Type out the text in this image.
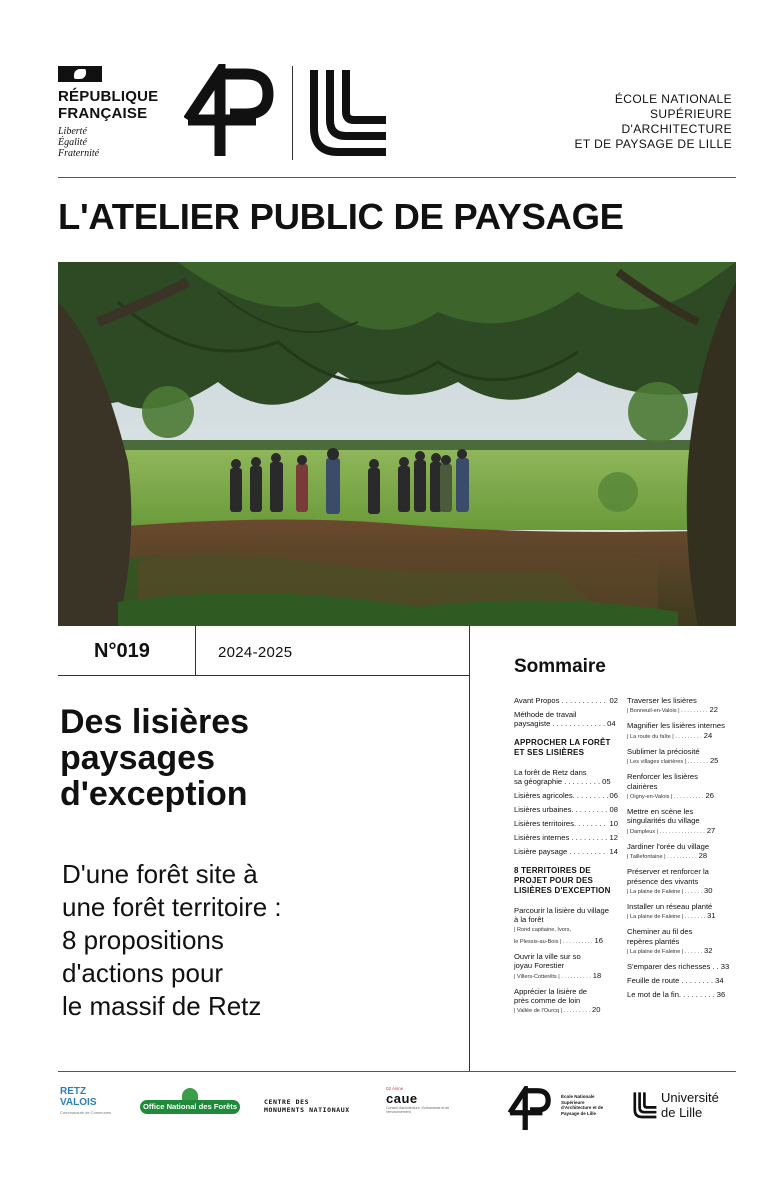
RÉPUBLIQUE
FRANÇAISE
Liberté
Égalité
Fraternité
ÉCOLE NATIONALE
SUPÉRIEURE
D'ARCHITECTURE
ET DE PAYSAGE DE LILLE
L'ATELIER PUBLIC DE PAYSAGE
N°019	2024-2025
Des lisières
paysages
d'exception
D'une forêt site à
une forêt territoire :
8 propositions
d'actions pour
le massif de Retz
Sommaire
02
Avant Propos . . . . . . . . . . .
Méthode de travail
paysagiste . . . . . . . . . . . . . 04
APPROCHER LA FORÊT
ET SES LISIÈRES
La forêt de Retz dans
sa géographie . . . . . . . . . 05
06
Lisières agricoles. . . . . . . . .
08
Lisières urbaines. . . . . . . . .
10
Lisières territoires. . . . . . . .
12
Lisières internes . . . . . . . . .
14
Lisière paysage . . . . . . . . .
8 TERRITOIRES DE
PROJET POUR DES
LISIÈRES D'EXCEPTION
Parcourir la lisière du village
à la forêt
| Rond capitaine, Ivors,
le Plessis-au-Bois | . . . . . . . . . . 16
Ouvrir la ville sur so
joyau Forestier
| Villers-Cotterêts | . . . . . . . . . . 18
Apprécier la lisière de
près comme de loin
| Vallée de l'Ourcq | . . . . . . . . . 20
Traverser les lisières
| Bonneuil-en-Valois | . . . . . . . . . 22
Magnifier les lisières internes
| La route du faîte | . . . . . . . . . 24
Sublimer la préciosité
| Les villages clairières | . . . . . . . 25
Renforcer les lisières
clairières
| Oigny-en-Valois | . . . . . . . . . . 26
Mettre en scène les
singularités du village
| Dampleux | . . . . . . . . . . . . . . . 27
Jardiner l'orée du village
| Taillefontaine | . . . . . . . . . . 28
Préserver et renforcer la
présence des vivants
| La plaine de Faleine | . . . . . . 30
Installer un réseau planté
| La plaine de Faleine | . . . . . . . 31
Cheminer au fil des
repères plantés
| La plaine de Faleine | . . . . . . 32
S'emparer des richesses . . 33
Feuille de route . . . . . . . . 34
Le mot de la fin. . . . . . . . . 36
RETZ
VALOIS
Communauté de Communes
Office National des Forêts	CENTRE DES
MONUMENTS NATIONAUX
02 Aisne
caue
Conseil d'architecture, d'urbanisme et de l'environnement
École Nationale
Supérieure
d'Architecture et de
Paysage de Lille
Université
de Lille
